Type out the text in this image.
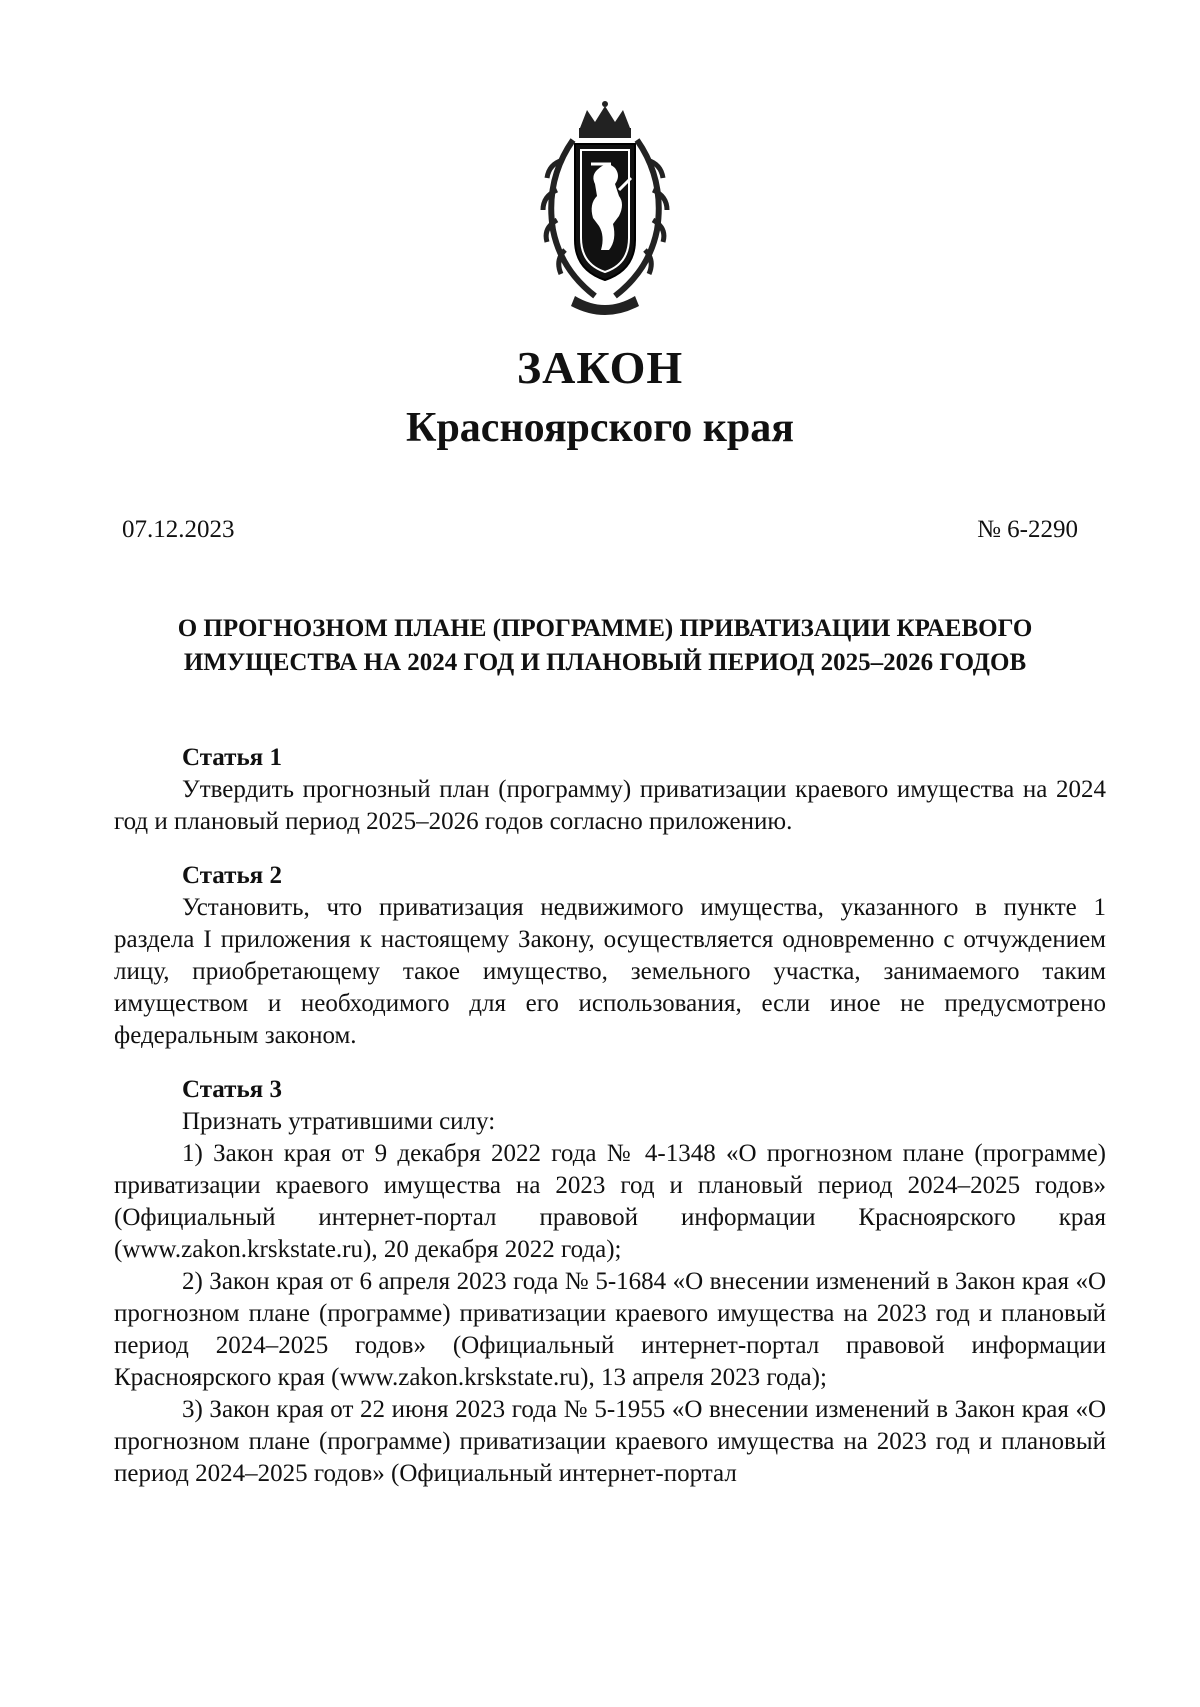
ЗАКОН
Красноярского края
07.12.2023	№ 6-2290
О ПРОГНОЗНОМ ПЛАНЕ (ПРОГРАММЕ) ПРИВАТИЗАЦИИ КРАЕВОГО
ИМУЩЕСТВА НА 2024 ГОД И ПЛАНОВЫЙ ПЕРИОД 2025–2026 ГОДОВ

Статья 1

Утвердить прогнозный план (программу) приватизации краевого имущества на 2024 год и плановый период 2025–2026 годов согласно приложению.

Статья 2

Установить, что приватизация недвижимого имущества, указанного в пункте 1 раздела I приложения к настоящему Закону, осуществляется одновременно с отчуждением лицу, приобретающему такое имущество, земельного участка, занимаемого таким имуществом и необходимого для его использования, если иное не предусмотрено федеральным законом.

Статья 3

Признать утратившими силу:

1) Закон края от 9 декабря 2022 года № 4-1348 «О прогнозном плане (программе) приватизации краевого имущества на 2023 год и плановый период 2024–2025 годов» (Официальный интернет-портал правовой информации Красноярского края (www.zakon.krskstate.ru), 20 декабря 2022 года);

2) Закон края от 6 апреля 2023 года № 5-1684 «О внесении изменений в Закон края «О прогнозном плане (программе) приватизации краевого имущества на 2023 год и плановый период 2024–2025 годов» (Официальный интернет-портал правовой информации Красноярского края (www.zakon.krskstate.ru), 13 апреля 2023 года);

3) Закон края от 22 июня 2023 года № 5-1955 «О внесении изменений в Закон края «О прогнозном плане (программе) приватизации краевого имущества на 2023 год и плановый период 2024–2025 годов» (Официальный интернет-портал
